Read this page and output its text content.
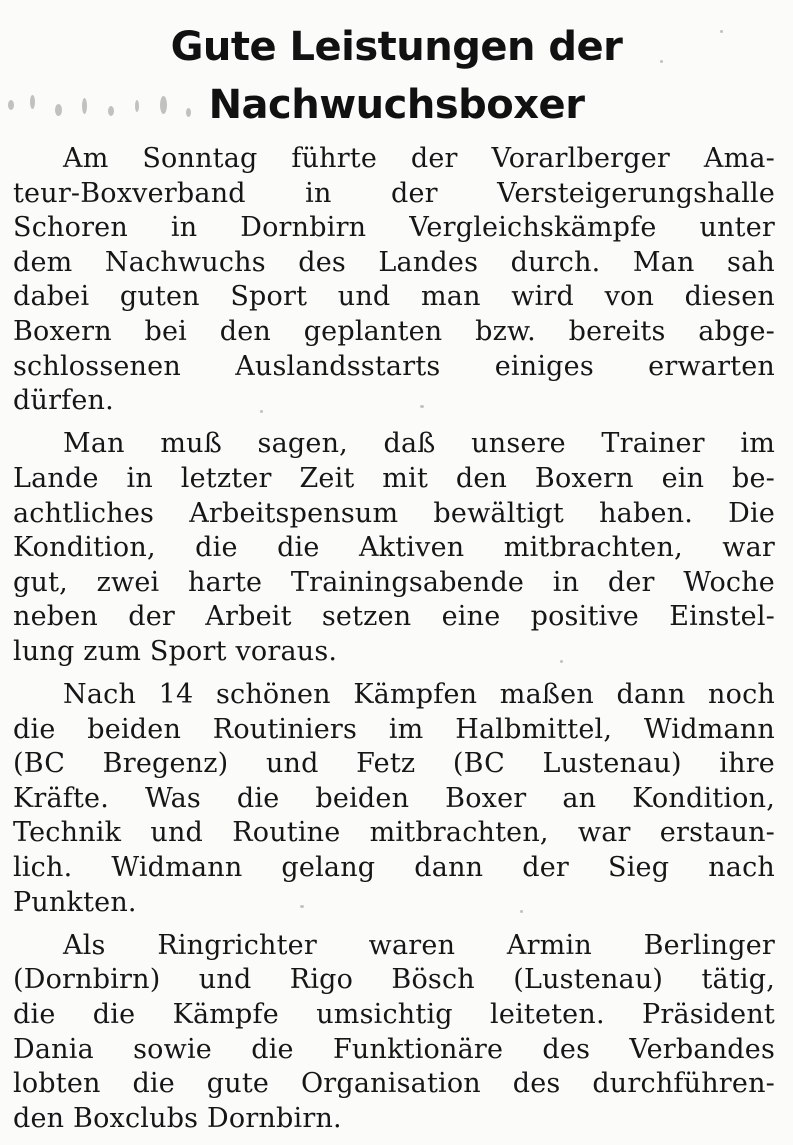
Gute Leistungen der
Nachwuchsboxer
Am Sonntag führte der Vorarlberger Ama-
teur-Boxverband in der Versteigerungshalle
Schoren in Dornbirn Vergleichskämpfe unter
dem Nachwuchs des Landes durch. Man sah
dabei guten Sport und man wird von diesen
Boxern bei den geplanten bzw. bereits abge-
schlossenen Auslandsstarts einiges erwarten
dürfen.
Man muß sagen, daß unsere Trainer im
Lande in letzter Zeit mit den Boxern ein be-
achtliches Arbeitspensum bewältigt haben. Die
Kondition, die die Aktiven mitbrachten, war
gut, zwei harte Trainingsabende in der Woche
neben der Arbeit setzen eine positive Einstel-
lung zum Sport voraus.
Nach 14 schönen Kämpfen maßen dann noch
die beiden Routiniers im Halbmittel, Widmann
(BC Bregenz) und Fetz (BC Lustenau) ihre
Kräfte. Was die beiden Boxer an Kondition,
Technik und Routine mitbrachten, war erstaun-
lich. Widmann gelang dann der Sieg nach
Punkten.
Als Ringrichter waren Armin Berlinger
(Dornbirn) und Rigo Bösch (Lustenau) tätig,
die die Kämpfe umsichtig leiteten. Präsident
Dania sowie die Funktionäre des Verbandes
lobten die gute Organisation des durchführen-
den Boxclubs Dornbirn.
